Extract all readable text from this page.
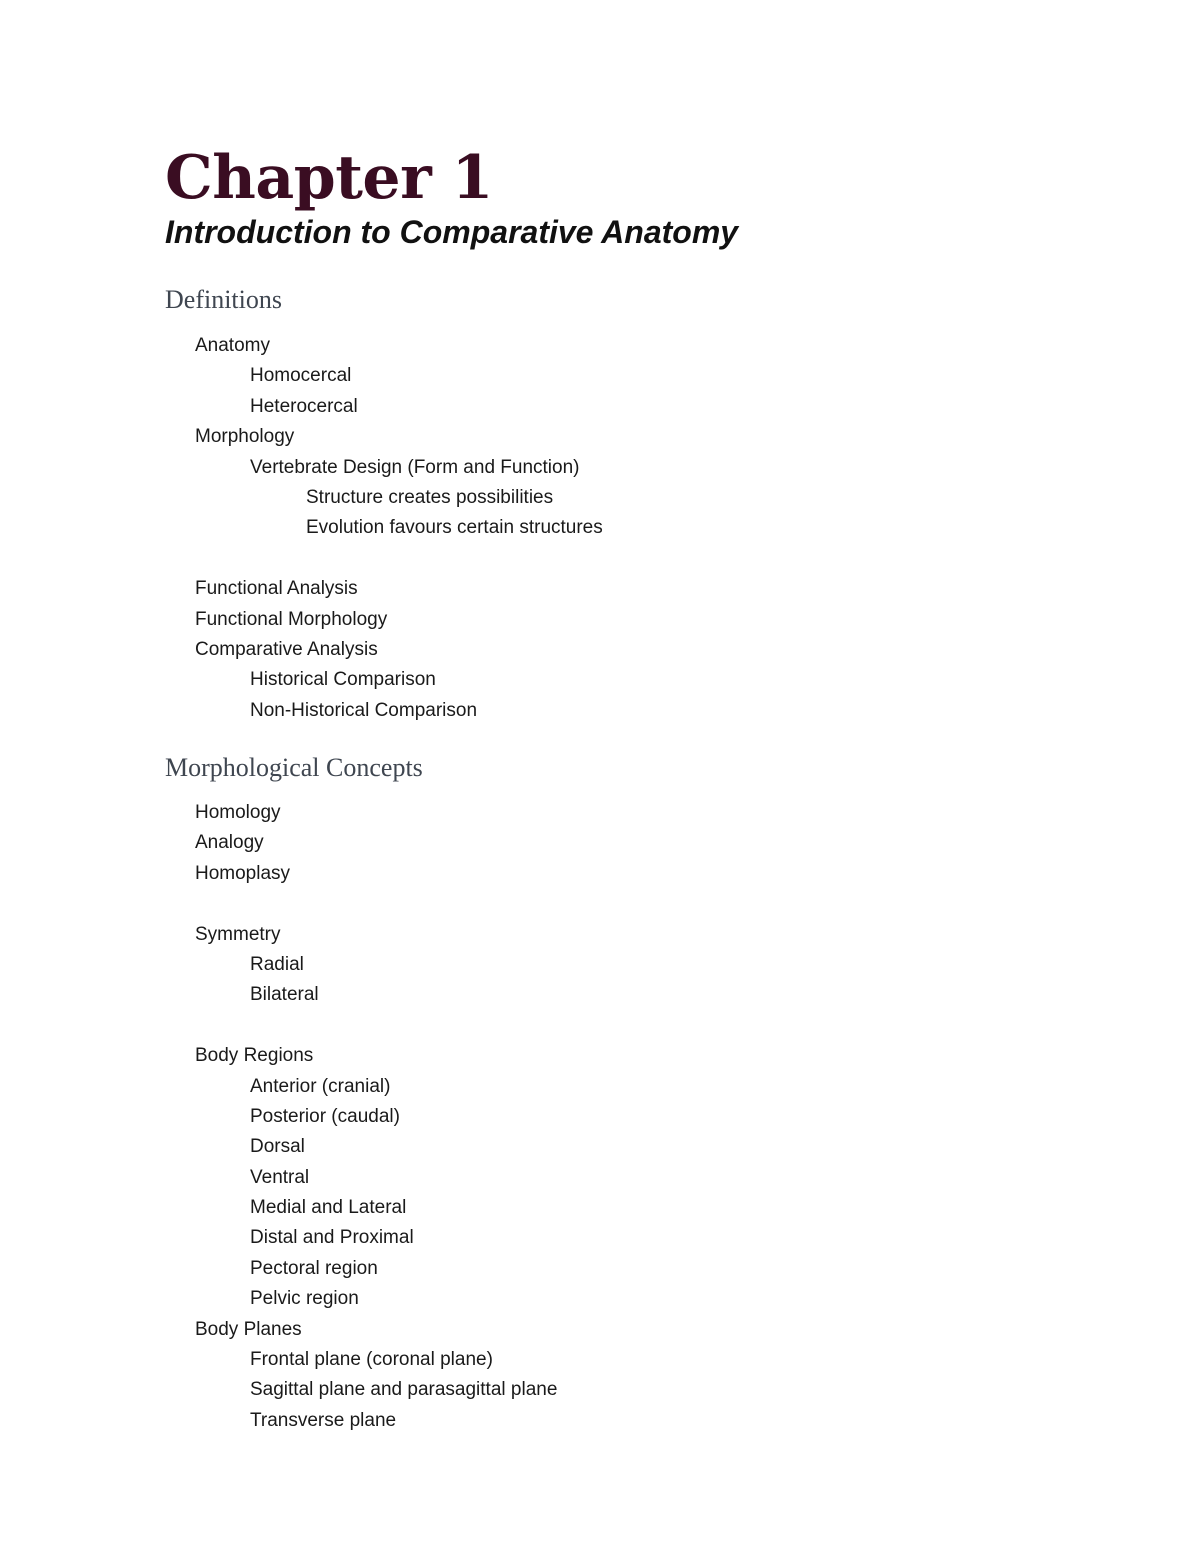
Chapter 1
Introduction to Comparative Anatomy
Definitions
Anatomy
Homocercal
Heterocercal
Morphology
Vertebrate Design (Form and Function)
Structure creates possibilities
Evolution favours certain structures
Functional Analysis
Functional Morphology
Comparative Analysis
Historical Comparison
Non-Historical Comparison
Morphological Concepts
Homology
Analogy
Homoplasy
Symmetry
Radial
Bilateral
Body Regions
Anterior (cranial)
Posterior (caudal)
Dorsal
Ventral
Medial and Lateral
Distal and Proximal
Pectoral region
Pelvic region
Body Planes
Frontal plane (coronal plane)
Sagittal plane and parasagittal plane
Transverse plane
